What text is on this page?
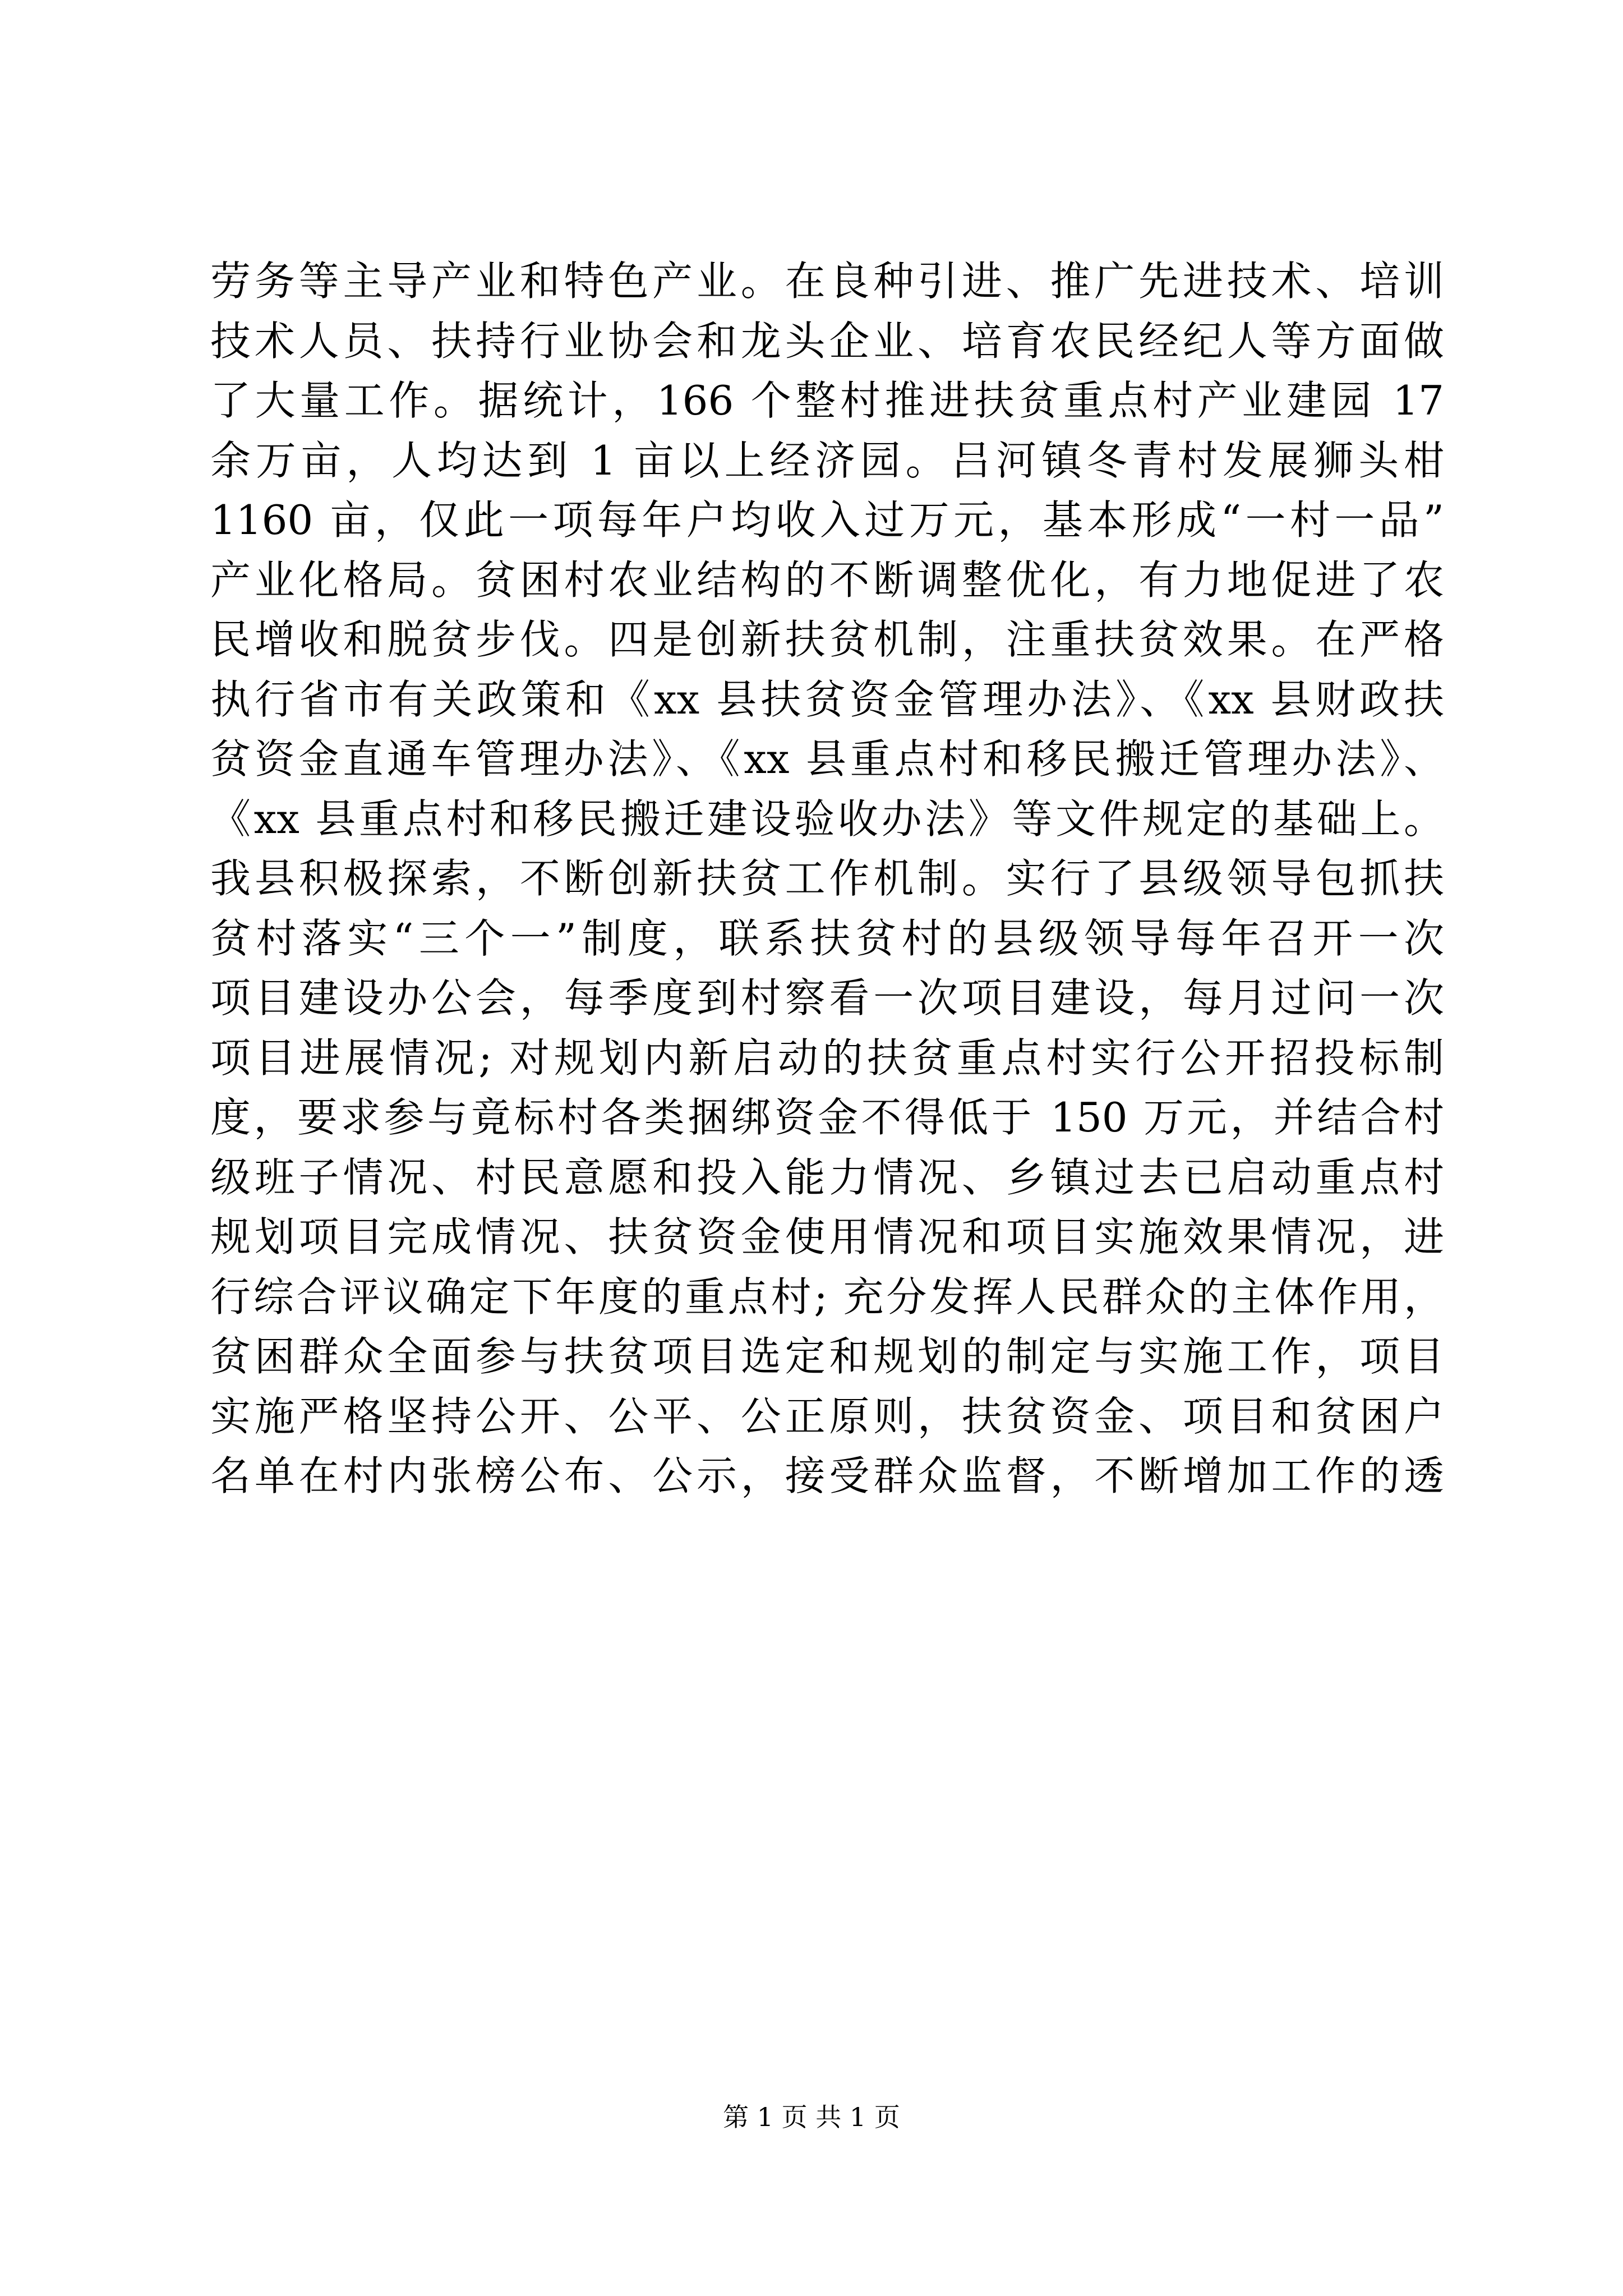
劳务等主导产业和特色产业。在良种引进、推广先进技术、培训
技术人员、扶持行业协会和龙头企业、培育农民经纪人等方面做
了大量工作。据统计，166 个整村推进扶贫重点村产业建园 17
余万亩，人均达到 1 亩以上经济园。吕河镇冬青村发展狮头柑
1160 亩，仅此一项每年户均收入过万元，基本形成“一村一品”
产业化格局。贫困村农业结构的不断调整优化，有力地促进了农
民增收和脱贫步伐。四是创新扶贫机制，注重扶贫效果。在严格
执行省市有关政策和《xx 县扶贫资金管理办法》、《xx 县财政扶
贫资金直通车管理办法》、《xx 县重点村和移民搬迁管理办法》、
《xx 县重点村和移民搬迁建设验收办法》等文件规定的基础上。
我县积极探索，不断创新扶贫工作机制。实行了县级领导包抓扶
贫村落实“三个一”制度，联系扶贫村的县级领导每年召开一次
项目建设办公会，每季度到村察看一次项目建设，每月过问一次
项目进展情况; 对规划内新启动的扶贫重点村实行公开招投标制
度，要求参与竟标村各类捆绑资金不得低于 150 万元，并结合村
级班子情况、村民意愿和投入能力情况、乡镇过去已启动重点村
规划项目完成情况、扶贫资金使用情况和项目实施效果情况，进
行综合评议确定下年度的重点村; 充分发挥人民群众的主体作用，
贫困群众全面参与扶贫项目选定和规划的制定与实施工作，项目
实施严格坚持公开、公平、公正原则，扶贫资金、项目和贫困户
名单在村内张榜公布、公示，接受群众监督，不断增加工作的透
第 1 页 共 1 页
